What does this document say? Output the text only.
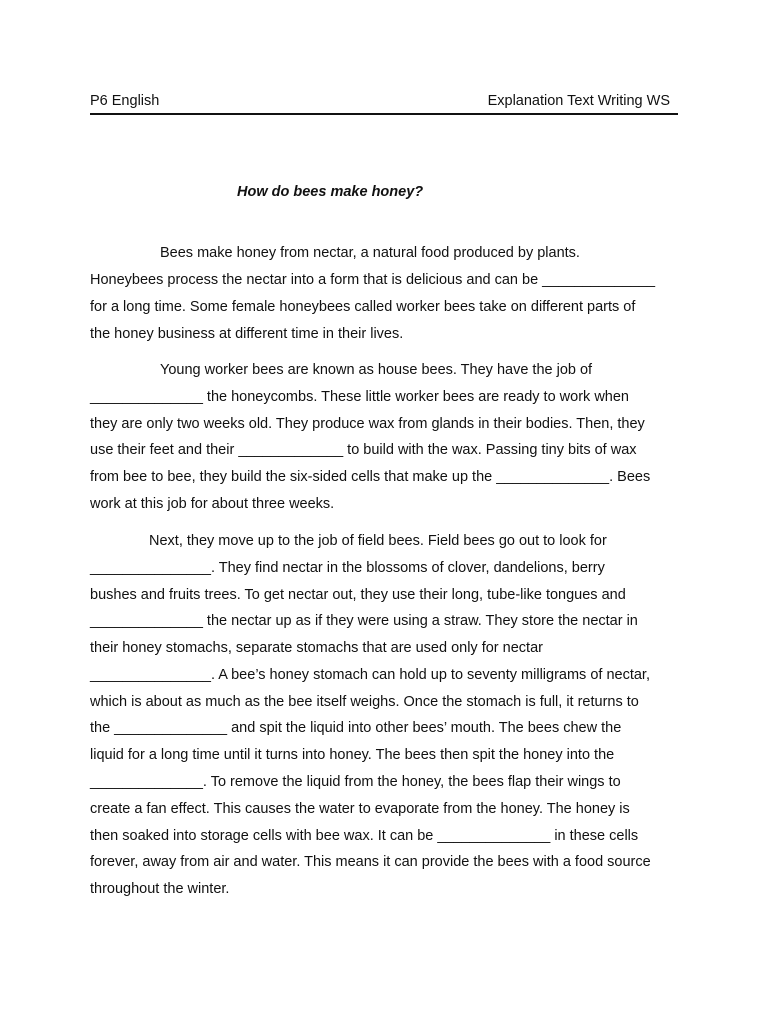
P6 English	Explanation Text Writing WS
How do bees make honey?
Bees make honey from nectar, a natural food produced by plants.
Honeybees process the nectar into a form that is delicious and can be ______________
for a long time. Some female honeybees called worker bees take on different parts of
the honey business at different time in their lives.
Young worker bees are known as house bees. They have the job of
______________ the honeycombs. These little worker bees are ready to work when
they are only two weeks old. They produce wax from glands in their bodies. Then, they
use their feet and their _____________ to build with the wax. Passing tiny bits of wax
from bee to bee, they build the six-sided cells that make up the ______________. Bees
work at this job for about three weeks.
Next, they move up to the job of field bees. Field bees go out to look for
_______________. They find nectar in the blossoms of clover, dandelions, berry
bushes and fruits trees. To get nectar out, they use their long, tube-like tongues and
______________ the nectar up as if they were using a straw. They store the nectar in
their honey stomachs, separate stomachs that are used only for nectar
_______________. A bee’s honey stomach can hold up to seventy milligrams of nectar,
which is about as much as the bee itself weighs. Once the stomach is full, it returns to
the ______________ and spit the liquid into other bees’ mouth. The bees chew the
liquid for a long time until it turns into honey. The bees then spit the honey into the
______________. To remove the liquid from the honey, the bees flap their wings to
create a fan effect. This causes the water to evaporate from the honey. The honey is
then soaked into storage cells with bee wax. It can be ______________ in these cells
forever, away from air and water. This means it can provide the bees with a food source
throughout the winter.
